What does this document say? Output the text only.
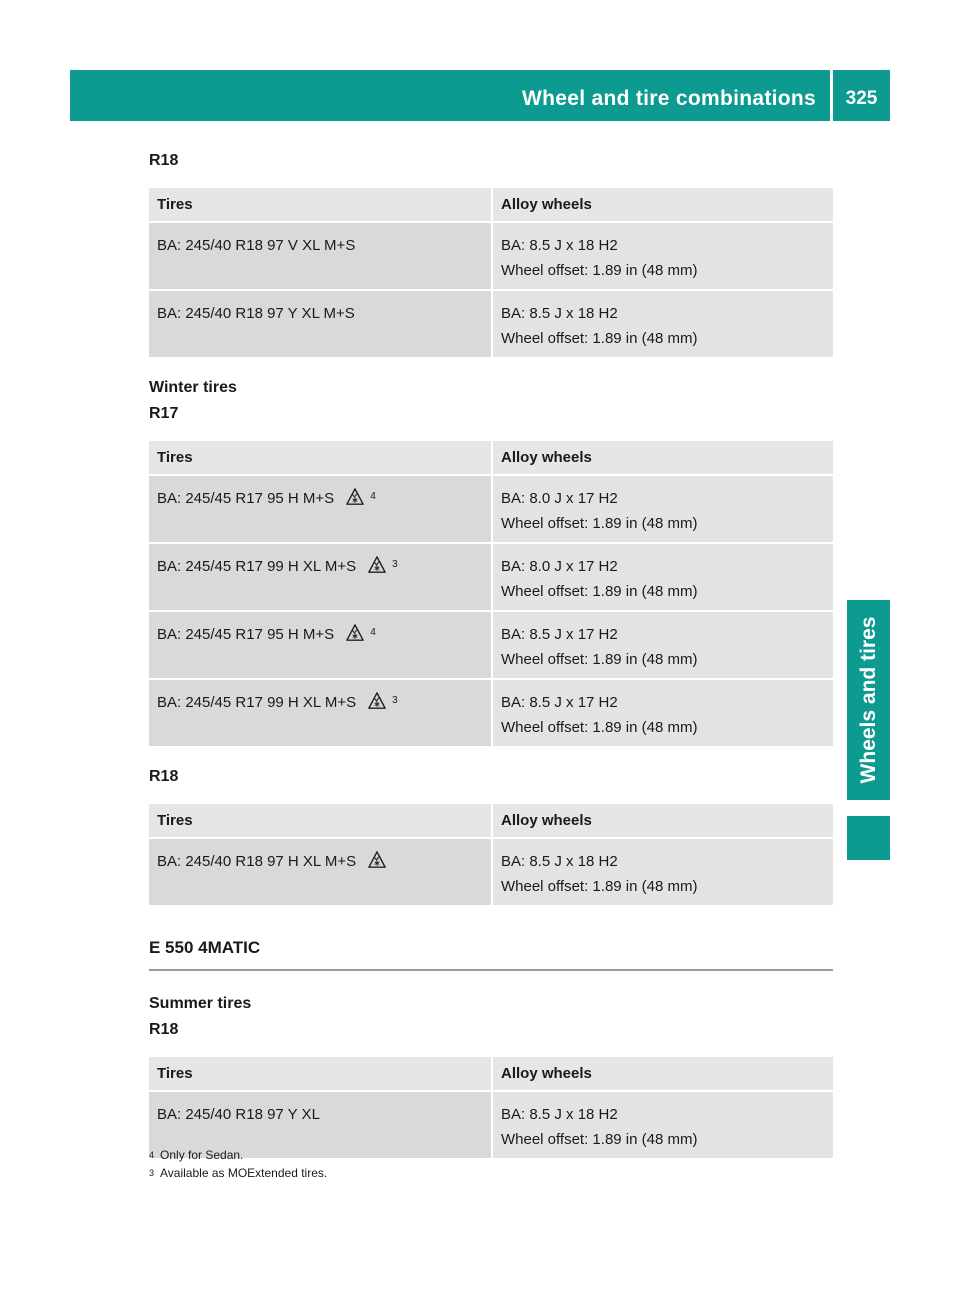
Wheel and tire combinations	325
Wheels and tires
R18
Tires	Alloy wheels
BA: 245/40 R18 97 V XL M+S	BA: 8.5 J x 18 H2
Wheel offset: 1.89 in (48 mm)

BA: 245/40 R18 97 Y XL M+S	BA: 8.5 J x 18 H2
Wheel offset: 1.89 in (48 mm)
Winter tires
R17
Tires	Alloy wheels
BA: 245/45 R17 95 H M+S $^4$	BA: 8.0 J x 17 H2
Wheel offset: 1.89 in (48 mm)

BA: 245/45 R17 99 H XL M+S $^3$	BA: 8.0 J x 17 H2
Wheel offset: 1.89 in (48 mm)

BA: 245/45 R17 95 H M+S $^4$	BA: 8.5 J x 17 H2
Wheel offset: 1.89 in (48 mm)

BA: 245/45 R17 99 H XL M+S $^3$	BA: 8.5 J x 17 H2
Wheel offset: 1.89 in (48 mm)
R18
Tires	Alloy wheels
BA: 245/40 R18 97 H XL M+S	BA: 8.5 J x 18 H2
Wheel offset: 1.89 in (48 mm)
E 550 4MATIC
Summer tires
R18
Tires	Alloy wheels
BA: 245/40 R18 97 Y XL	BA: 8.5 J x 18 H2
Wheel offset: 1.89 in (48 mm)
$^4$ Only for Sedan.
$^3$ Available as MOExtended tires.
